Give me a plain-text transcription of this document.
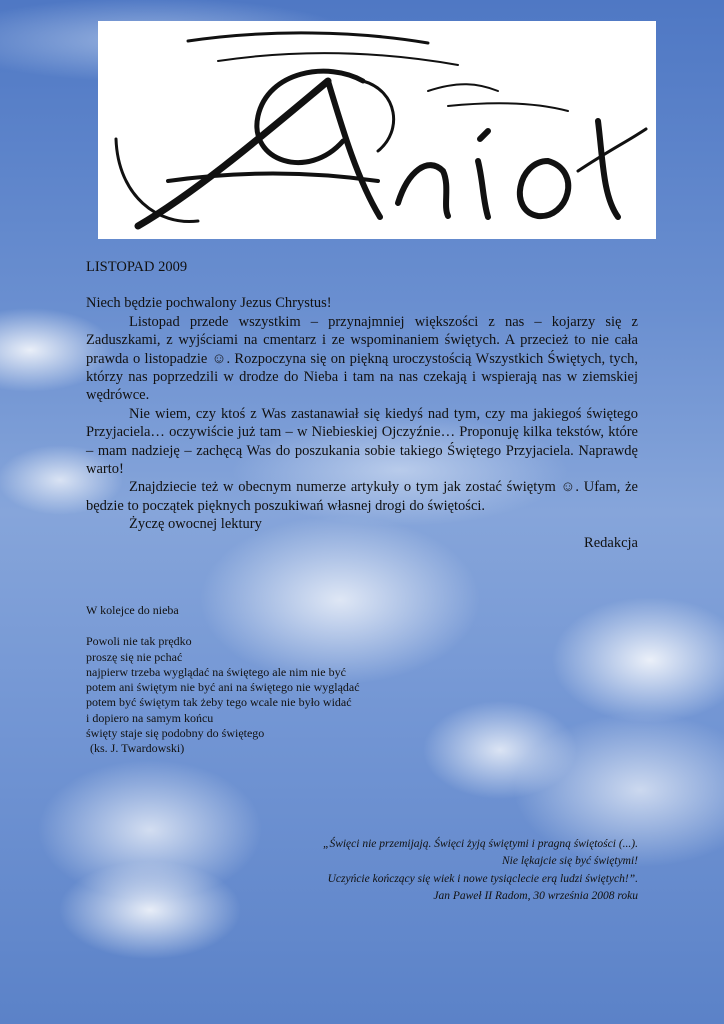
Anioł

LISTOPAD 2009

Niech będzie pochwalony Jezus Chrystus!

Listopad przede wszystkim – przynajmniej większości z nas – kojarzy się z Zaduszkami, z wyjściami na cmentarz i ze wspominaniem świętych. A przecież to nie cała prawda o listopadzie ☺. Rozpoczyna się on piękną uroczystością Wszystkich Świętych, tych, którzy nas poprzedzili w drodze do Nieba i tam na nas czekają i wspierają nas w ziemskiej wędrówce.

Nie wiem, czy ktoś z Was zastanawiał się kiedyś nad tym, czy ma jakiegoś świętego Przyjaciela… oczywiście już tam – w Niebieskiej Ojczyźnie… Proponuję kilka tekstów, które – mam nadzieję – zachęcą Was do poszukania sobie takiego Świętego Przyjaciela. Naprawdę warto!

Znajdziecie też w obecnym numerze artykuły o tym jak zostać świętym ☺. Ufam, że będzie to początek pięknych poszukiwań własnej drogi do świętości.

Życzę owocnej lektury

Redakcja

W kolejce do nieba

Powoli nie tak prędko

proszę się nie pchać

najpierw trzeba wyglądać na świętego ale nim nie być

potem ani świętym nie być ani na świętego nie wyglądać

potem być świętym tak żeby tego wcale nie było widać

i dopiero na samym końcu

święty staje się podobny do świętego

(ks. J. Twardowski)

„Święci nie przemijają. Święci żyją świętymi i pragną świętości (...).

Nie lękajcie się być świętymi!

Uczyńcie kończący się wiek i nowe tysiąclecie erą ludzi świętych!”.

Jan Paweł II Radom, 30 września 2008 roku
